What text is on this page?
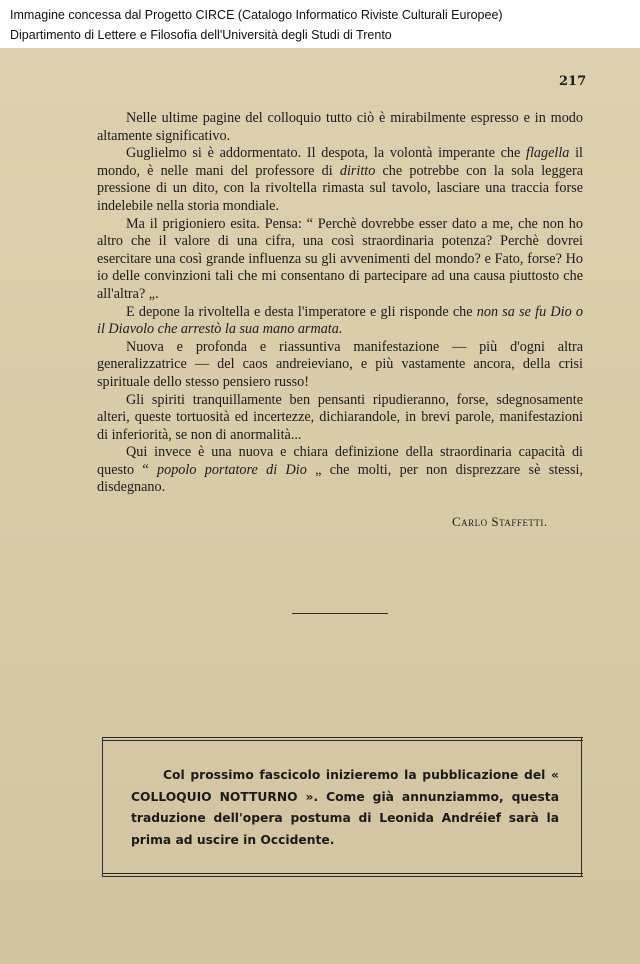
Immagine concessa dal Progetto CIRCE (Catalogo Informatico Riviste Culturali Europee)
Dipartimento di Lettere e Filosofia dell'Università degli Studi di Trento
217

Nelle ultime pagine del colloquio tutto ciò è mirabilmente espresso e in modo altamente significativo.

Guglielmo si è addormentato. Il despota, la volontà imperante che flagella il mondo, è nelle mani del professore di diritto che potrebbe con la sola leggera pressione di un dito, con la rivoltella rimasta sul tavolo, lasciare una traccia forse indelebile nella storia mondiale.

Ma il prigioniero esita. Pensa: “ Perchè dovrebbe esser dato a me, che non ho altro che il valore di una cifra, una così straordinaria potenza? Perchè dovrei esercitare una così grande influenza su gli avvenimenti del mondo? e Fato, forse? Ho io delle convinzioni tali che mi consentano di partecipare ad una causa piuttosto che all'altra? „.

E depone la rivoltella e desta l'imperatore e gli risponde che non sa se fu Dio o il Diavolo che arrestò la sua mano armata.

Nuova e profonda e riassuntiva manifestazione — più d'ogni altra generalizzatrice — del caos andreieviano, e più vastamente ancora, della crisi spirituale dello stesso pensiero russo!

Gli spiriti tranquillamente ben pensanti ripudieranno, forse, sdegnosamente alteri, queste tortuosità ed incertezze, dichiarandole, in brevi parole, manifestazioni di inferiorità, se non di anormalità...

Qui invece è una nuova e chiara definizione della straordinaria capacità di questo “ popolo portatore di Dio „ che molti, per non disprezzare sè stessi, disdegnano.

Carlo Staffetti.

Col prossimo fascicolo inizieremo la pubblicazione del « COLLOQUIO NOTTURNO ». Come già annunziammo, questa traduzione dell'opera postuma di Leonida Andréief sarà la prima ad uscire in Occidente.
